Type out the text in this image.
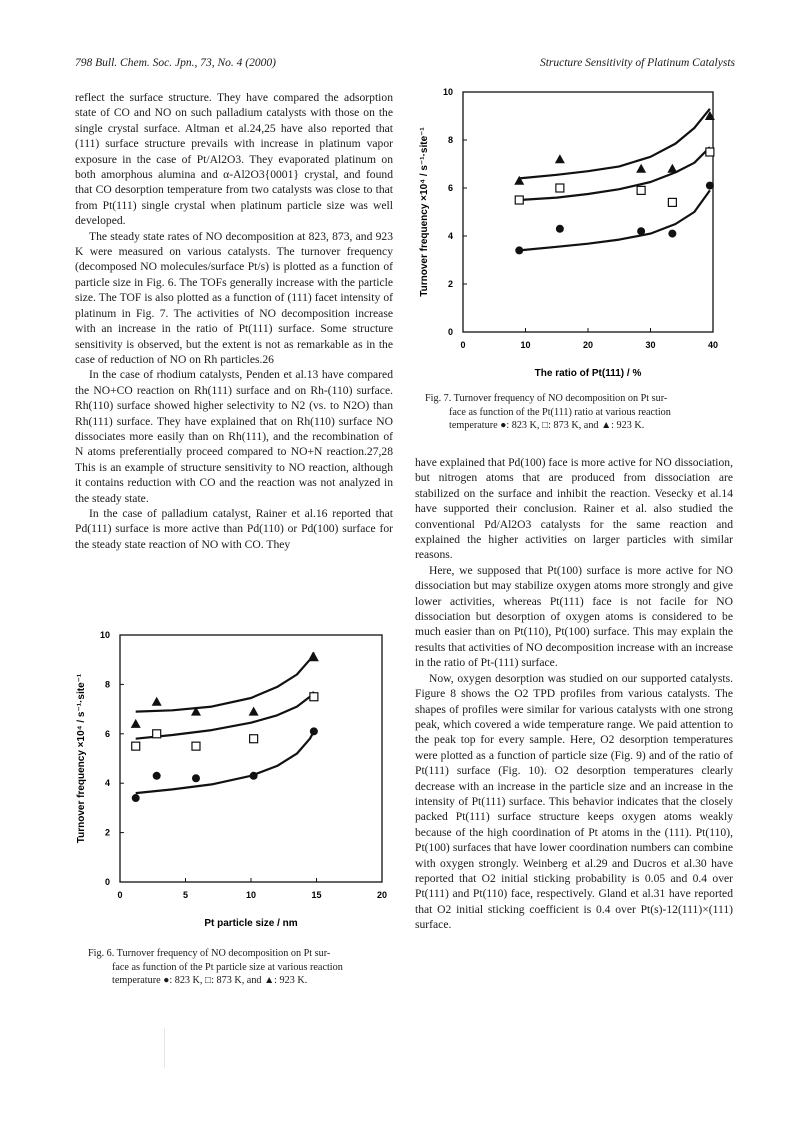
798 Bull. Chem. Soc. Jpn., 73, No. 4 (2000)	Structure Sensitivity of Platinum Catalysts

reflect the surface structure. They have compared the adsorption state of CO and NO on such palladium catalysts with those on the single crystal surface. Altman et al.24,25 have also reported that (111) surface structure prevails with increase in platinum vapor exposure in the case of Pt/Al2O3. They evaporated platinum on both amorphous alumina and α-Al2O3{0001} crystal, and found that CO desorption temperature from two catalysts was close to that from Pt(111) single crystal when platinum particle size was well developed.

The steady state rates of NO decomposition at 823, 873, and 923 K were measured on various catalysts. The turnover frequency (decomposed NO molecules/surface Pt/s) is plotted as a function of particle size in Fig. 6. The TOFs generally increase with the particle size. The TOF is also plotted as a function of (111) facet intensity of platinum in Fig. 7. The activities of NO decomposition increase with an increase in the ratio of Pt(111) surface. Some structure sensitivity is observed, but the extent is not as remarkable as in the case of reduction of NO on Rh particles.26

In the case of rhodium catalysts, Penden et al.13 have compared the NO+CO reaction on Rh(111) surface and on Rh-(110) surface. Rh(110) surface showed higher selectivity to N2 (vs. to N2O) than Rh(111) surface. They have explained that on Rh(110) surface NO dissociates more easily than on Rh(111), and the recombination of N atoms preferentially proceed compared to NO+N reaction.27,28 This is an example of structure sensitivity to NO reaction, although it contains reduction with CO and the reaction was not analyzed in the steady state.

In the case of palladium catalyst, Rainer et al.16 reported that Pd(111) surface is more active than Pd(110) or Pd(100) surface for the steady state reaction of NO with CO. They

0	10	20	30	40
0
2
4
6
8
10
The ratio of Pt(111) / %
Turnover frequency ×10⁴ / s⁻¹·site⁻¹
Fig. 7. Turnover frequency of NO decomposition on Pt sur-

face as function of the Pt(111) ratio at various reaction
temperature ●: 823 K, □: 873 K, and ▲: 923 K.

have explained that Pd(100) face is more active for NO dissociation, but nitrogen atoms that are produced from dissociation are stabilized on the surface and inhibit the reaction. Vesecky et al.14 have supported their conclusion. Rainer et al. also studied the conventional Pd/Al2O3 catalysts for the same reaction and explained the higher activities on larger particles with similar reasons.

Here, we supposed that Pt(100) surface is more active for NO dissociation but may stabilize oxygen atoms more strongly and give lower activities, whereas Pt(111) face is not facile for NO dissociation but desorption of oxygen atoms is considered to be much easier than on Pt(110), Pt(100) surface. This may explain the results that activities of NO decomposition increase with an increase in the ratio of Pt-(111) surface.

Now, oxygen desorption was studied on our supported catalysts. Figure 8 shows the O2 TPD profiles from various catalysts. The shapes of profiles were similar for various catalysts with one strong peak, which covered a wide temperature range. We paid attention to the peak top for every sample. Here, O2 desorption temperatures were plotted as a function of particle size (Fig. 9) and of the ratio of Pt(111) surface (Fig. 10). O2 desorption temperatures clearly decrease with an increase in the particle size and an increase in the intensity of Pt(111) surface. This behavior indicates that the closely packed Pt(111) surface structure keeps oxygen atoms weakly because of the high coordination of Pt atoms in the (111). Pt(110), Pt(100) surfaces that have lower coordination numbers can combine with oxygen strongly. Weinberg et al.29 and Ducros et al.30 have reported that O2 initial sticking probability is 0.05 and 0.4 over Pt(111) and Pt(110) face, respectively. Gland et al.31 have reported that O2 initial sticking coefficient is 0.4 over Pt(s)-12(111)×(111) surface.

0	5	10	15	20
0
2
4
6
8
10
Pt particle size / nm
Turnover frequency ×10⁴ / s⁻¹·site⁻¹
Fig. 6. Turnover frequency of NO decomposition on Pt sur-

face as function of the Pt particle size at various reaction
temperature ●: 823 K, □: 873 K, and ▲: 923 K.
